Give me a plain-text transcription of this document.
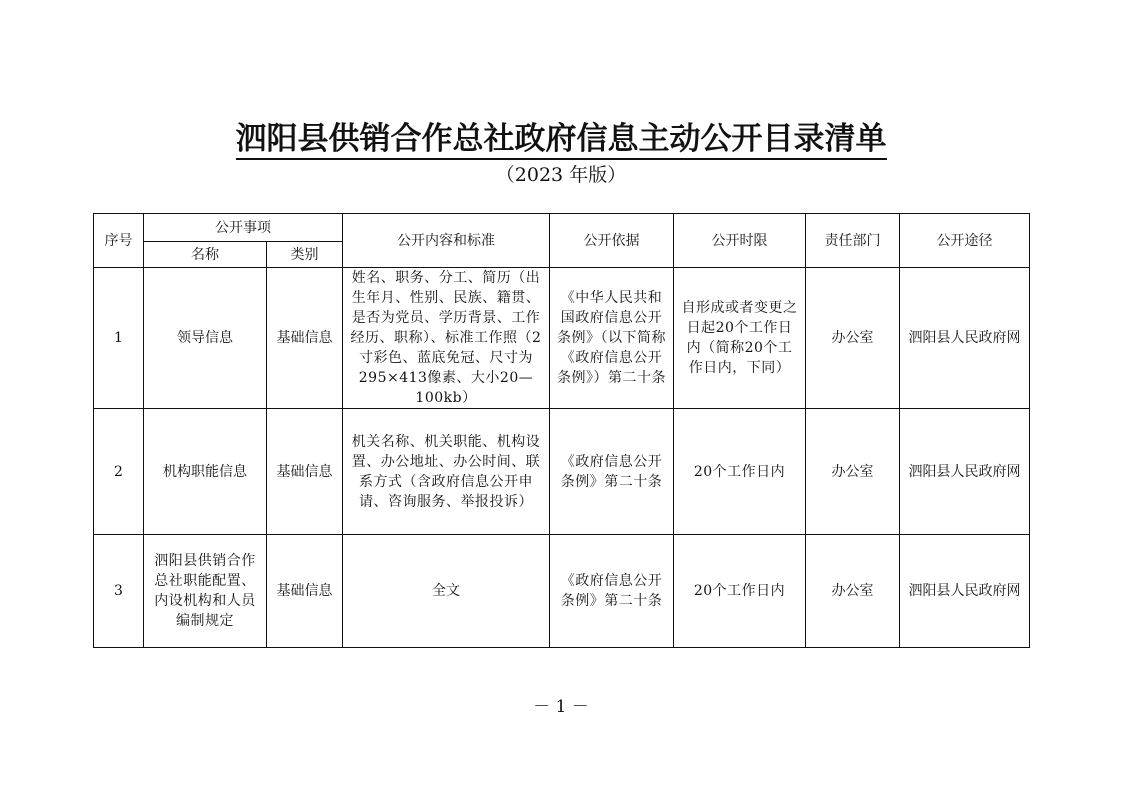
泗阳县供销合作总社政府信息主动公开目录清单
（2023 年版）
序号	公开事项		公开内容和标准	公开依据	公开时限	责任部门	公开途径
	名称	类别					
1	领导信息	基础信息	姓名、职务、分工、简历（出生年月、性别、民族、籍贯、是否为党员、学历背景、工作经历、职称）、标准工作照（2寸彩色、蓝底免冠、尺寸为295×413像素、大小20—100kb）	《中华人民共和国政府信息公开条例》（以下简称《政府信息公开条例》）第二十条	自形成或者变更之日起20个工作日内（简称20个工作日内，下同）	办公室	泗阳县人民政府网
2	机构职能信息	基础信息	机关名称、机关职能、机构设置、办公地址、办公时间、联系方式（含政府信息公开申请、咨询服务、举报投诉）	《政府信息公开条例》第二十条	20个工作日内	办公室	泗阳县人民政府网
3	泗阳县供销合作总社职能配置、内设机构和人员编制规定	基础信息	全文	《政府信息公开条例》第二十条	20个工作日内	办公室	泗阳县人民政府网
－ 1 －
